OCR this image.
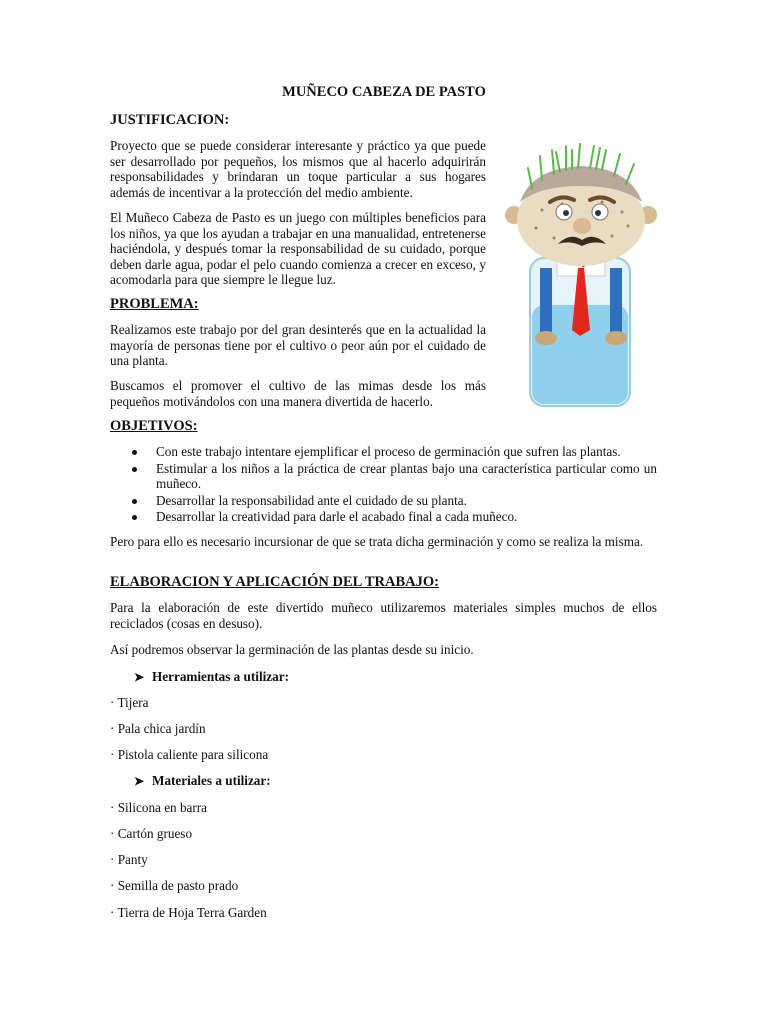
MUÑECO CABEZA DE PASTO
JUSTIFICACION:

Proyecto que se puede considerar interesante y práctico ya que puede ser desarrollado por pequeños, los mismos que al hacerlo adquirirán responsabilidades y brindaran un toque particular a sus hogares además de incentivar a la protección del medio ambiente.

El Muñeco Cabeza de Pasto es un juego con múltiples beneficios para los niños, ya que los ayudan a trabajar en una manualidad, entretenerse haciéndola, y después tomar la responsabilidad de su cuidado, porque deben darle agua, podar el pelo cuando comienza a crecer en exceso, y acomodarla para que siempre le llegue luz.

PROBLEMA:

Realizamos este trabajo por del gran desinterés que en la actualidad la mayoría de personas tiene por el cultivo o peor aún por el cuidado de una planta.

Buscamos el promover el cultivo de las mimas desde los más pequeños motivándolos con una manera divertida de hacerlo.

OBJETIVOS:
Con este trabajo intentare ejemplificar el proceso de germinación que sufren las plantas.
Estimular a los niños a la práctica de crear plantas bajo una característica particular como un muñeco.
Desarrollar la responsabilidad ante el cuidado de su planta.
Desarrollar la creatividad para darle el acabado final a cada muñeco.

Pero para ello es necesario incursionar de que se trata dicha germinación y como se realiza la misma.

ELABORACION Y APLICACIÓN DEL TRABAJO:

Para la elaboración de este divertido muñeco utilizaremos materiales simples muchos de ellos reciclados (cosas en desuso).

Así podremos observar la germinación de las plantas desde su inicio.

➤ Herramientas a utilizar:
· Tijera
· Pala chica jardín
· Pistola caliente para silicona
➤ Materiales a utilizar:
· Silicona en barra
· Cartón grueso
· Panty
· Semilla de pasto prado
· Tierra de Hoja Terra Garden
